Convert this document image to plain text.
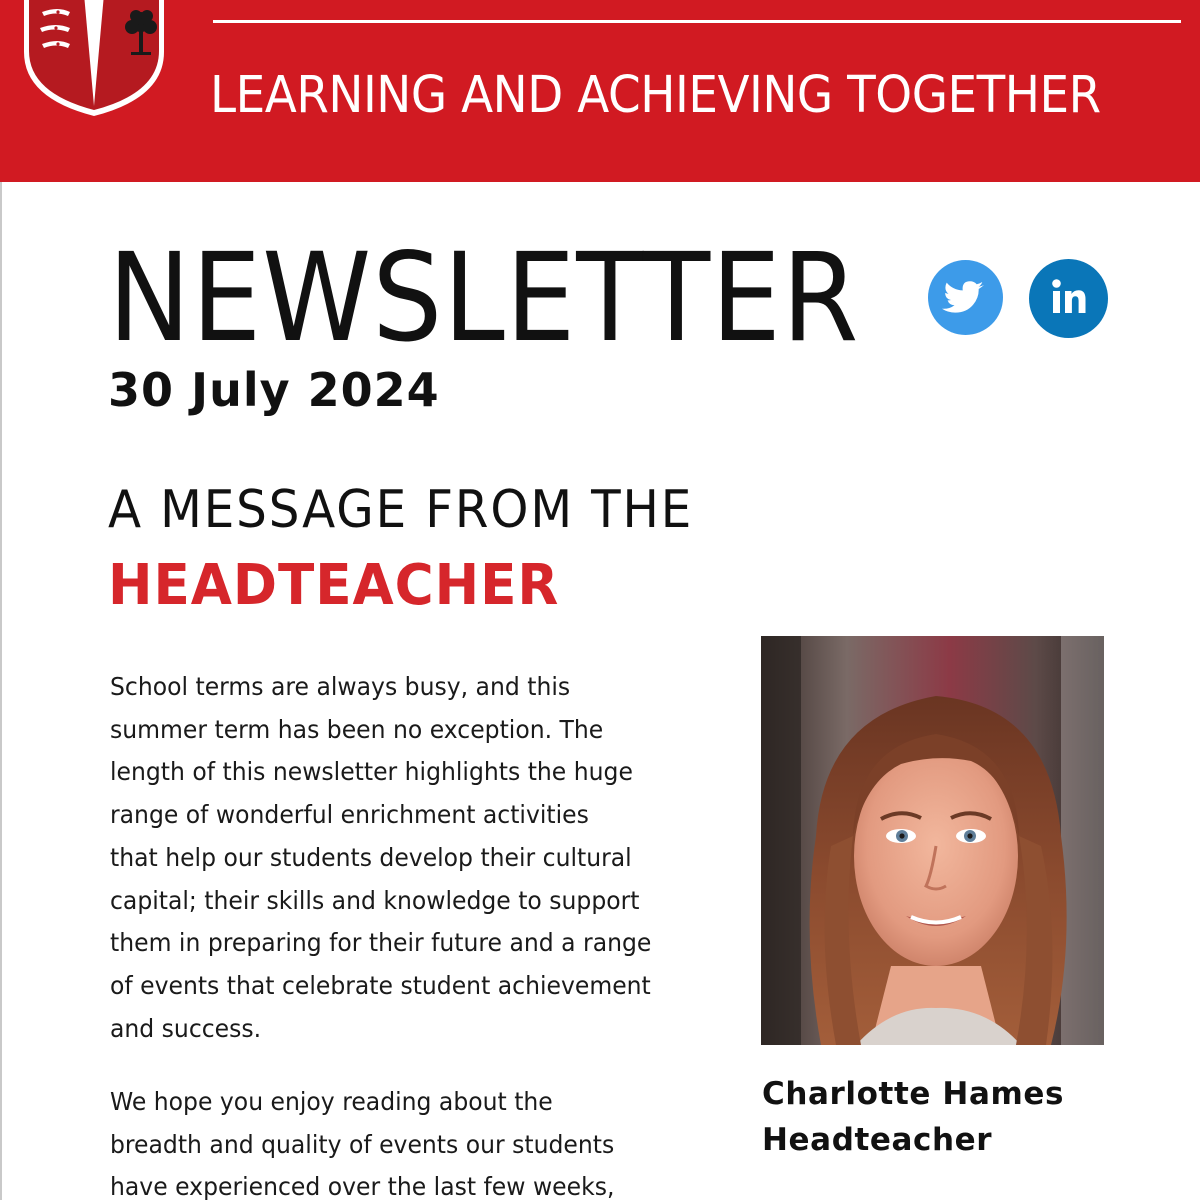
LEARNING AND ACHIEVING TOGETHER
NEWSLETTER
30 July 2024
A MESSAGE FROM THE
HEADTEACHER
School terms are always busy, and this
summer term has been no exception. The
length of this newsletter highlights the huge
range of wonderful enrichment activities
that help our students develop their cultural
capital; their skills and knowledge to support
them in preparing for their future and a range
of events that celebrate student achievement
and success.
We hope you enjoy reading about the
breadth and quality of events our students
have experienced over the last few weeks,
Charlotte Hames
Headteacher
